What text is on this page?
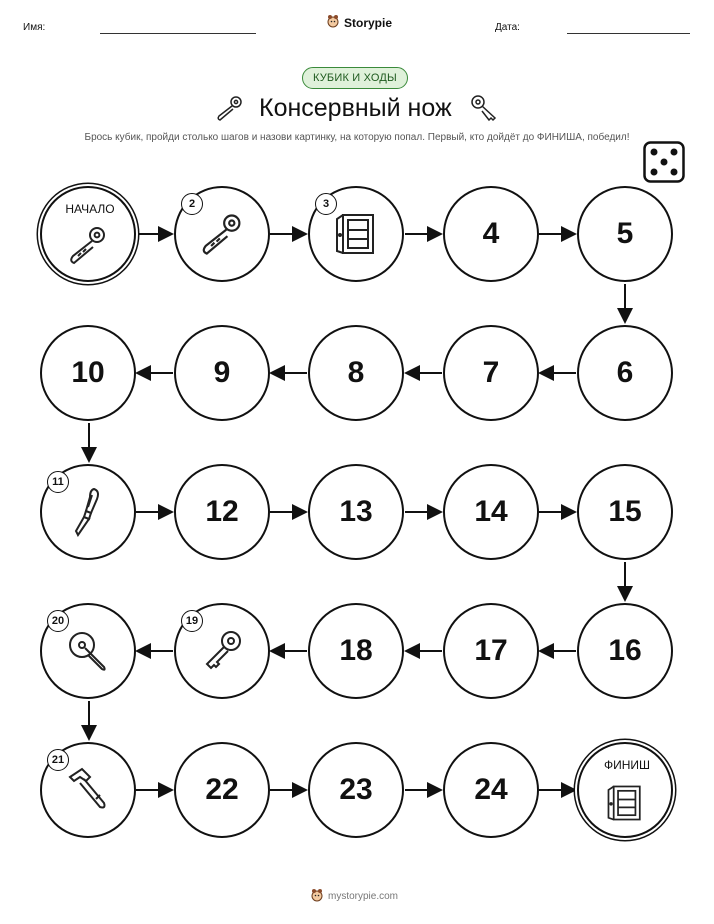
Имя:	Storypie	Дата:
КУБИК И ХОДЫ
Консервный нож
Брось кубик, пройди столько шагов и назови картинку, на которую попал. Первый, кто дойдёт до ФИНИША, победил!
НАЧАЛО	2	3
4	5
6
7
8
9
10
11
12	13	14	15
16
17
18
19
20
21
22	23	24
ФИНИШ
mystorypie.com
